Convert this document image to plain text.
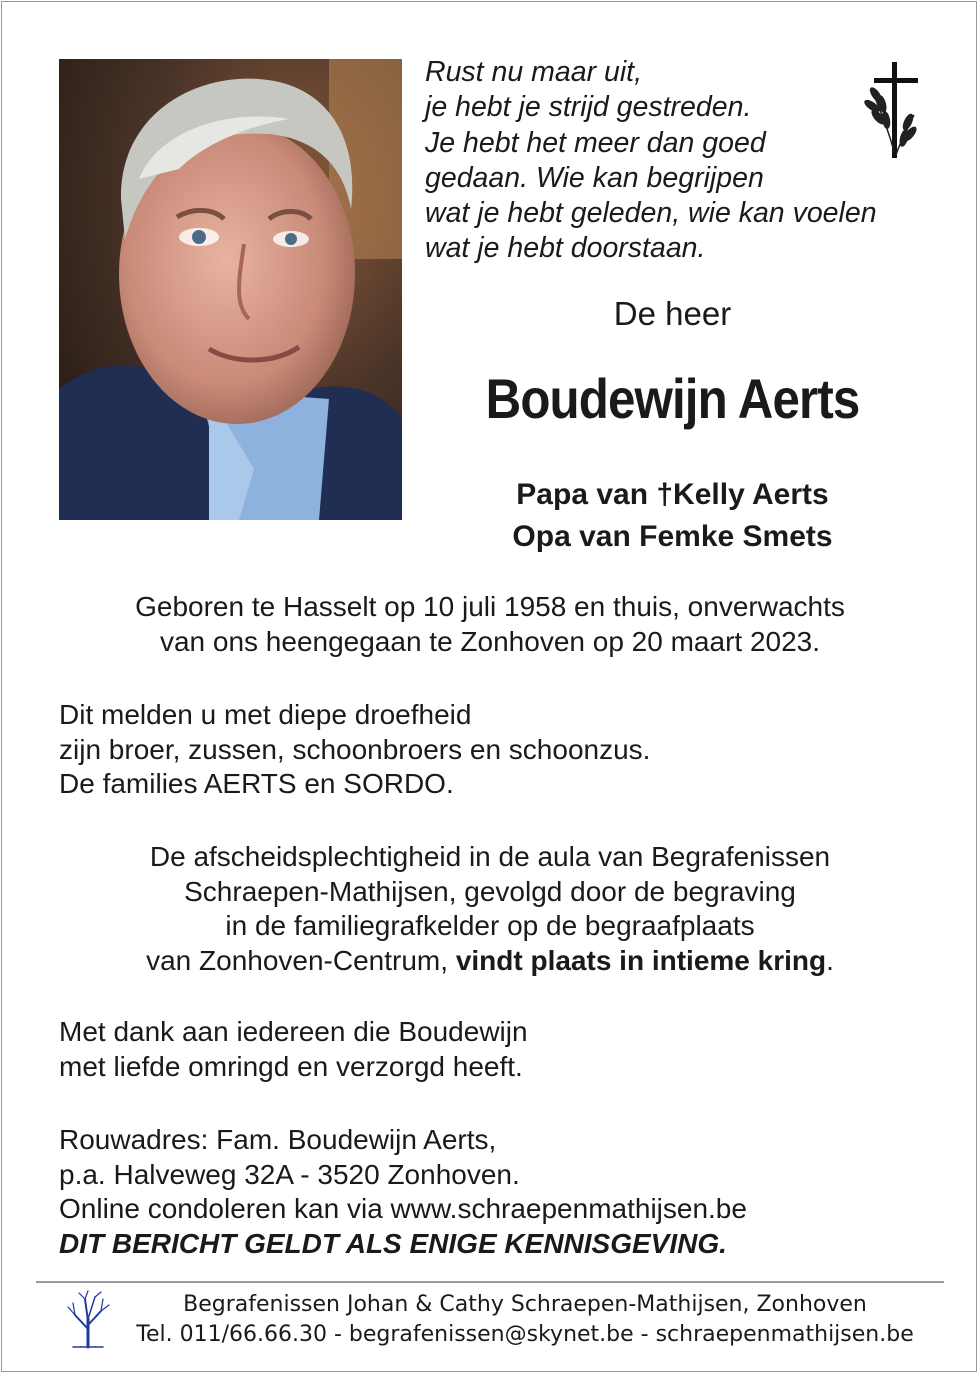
Rust nu maar uit,
je hebt je strijd gestreden.
Je hebt het meer dan goed
gedaan. Wie kan begrijpen
wat je hebt geleden, wie kan voelen
wat je hebt doorstaan.
De heer
Boudewijn Aerts
Papa van †Kelly Aerts
Opa van Femke Smets
Geboren te Hasselt op 10 juli 1958 en thuis, onverwachts
van ons heengegaan te Zonhoven op 20 maart 2023.
Dit melden u met diepe droefheid
zijn broer, zussen, schoonbroers en schoonzus.
De families AERTS en SORDO.
De afscheidsplechtigheid in de aula van Begrafenissen
Schraepen-Mathijsen, gevolgd door de begraving
in de familiegrafkelder op de begraafplaats
van Zonhoven-Centrum, vindt plaats in intieme kring.
Met dank aan iedereen die Boudewijn
met liefde omringd en verzorgd heeft.
Rouwadres: Fam. Boudewijn Aerts,
p.a. Halveweg 32A - 3520 Zonhoven.
Online condoleren kan via www.schraepenmathijsen.be
DIT BERICHT GELDT ALS ENIGE KENNISGEVING.
Begrafenissen Johan & Cathy Schraepen-Mathijsen, Zonhoven
Tel. 011/66.66.30 - begrafenissen@skynet.be - schraepenmathijsen.be
